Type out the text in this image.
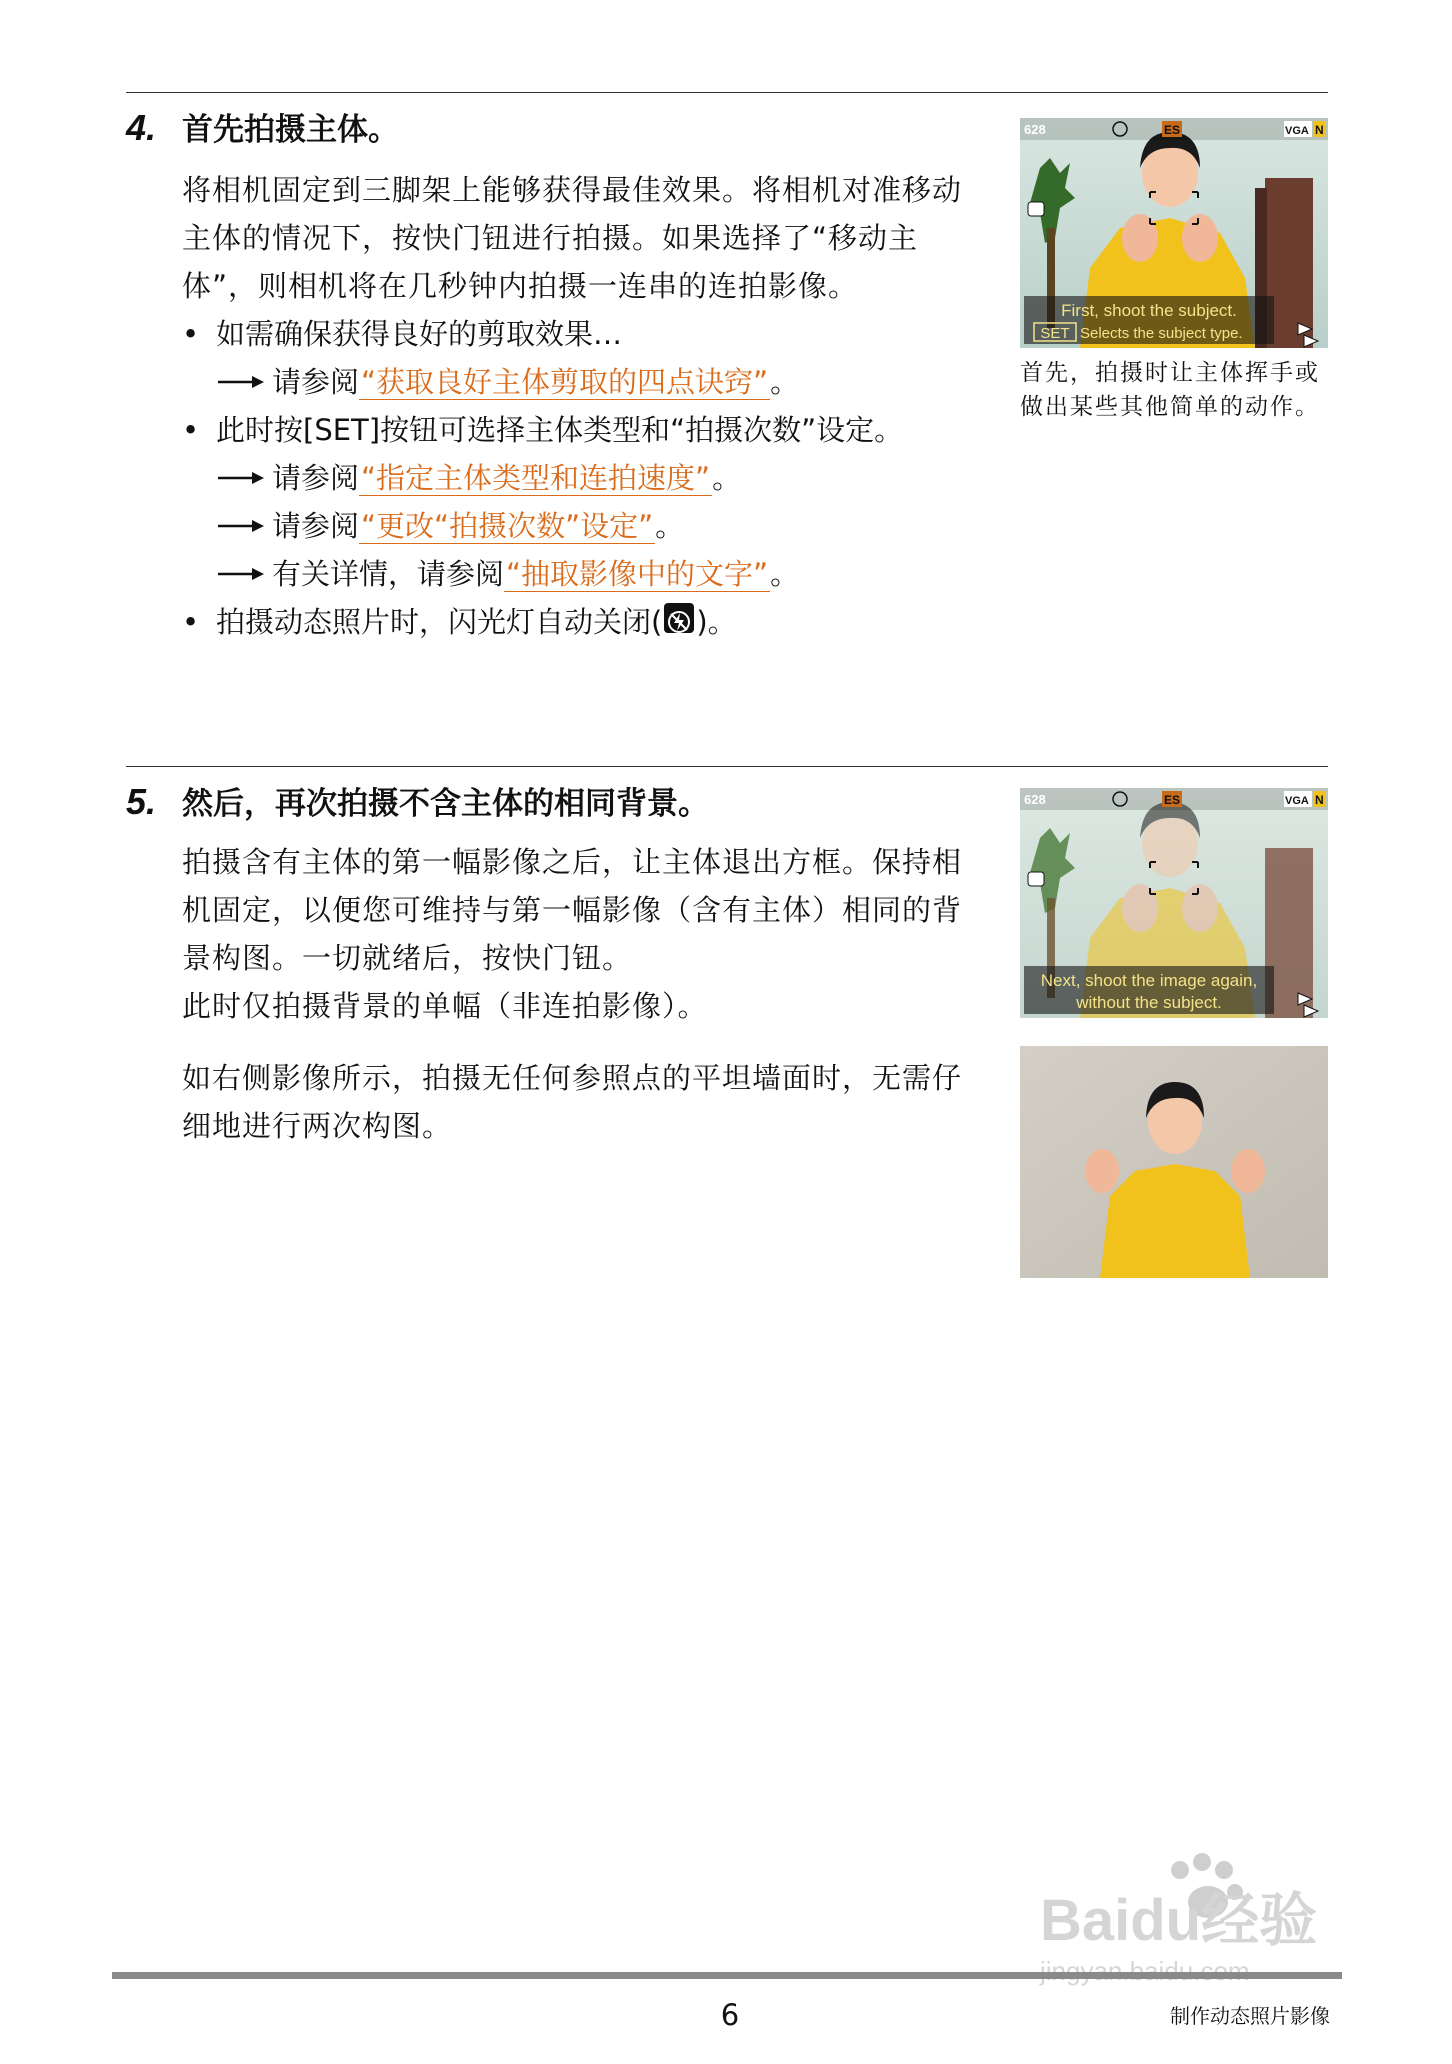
4. 首先拍摄主体。
将相机固定到三脚架上能够获得最佳效果。将相机对准移动主体的情况下，按快门钮进行拍摄。如果选择了“移动主体”，则相机将在几秒钟内拍摄一连串的连拍影像。
• 如需确保获得良好的剪取效果…
请参阅 “获取良好主体剪取的四点诀窍” 。
• 此时按[SET]按钮可选择主体类型和“拍摄次数”设定。
请参阅 “指定主体类型和连拍速度” 。
请参阅 “更改“拍摄次数”设定” 。
有关详情，请参阅 “抽取影像中的文字” 。
• 拍摄动态照片时，闪光灯自动关闭( )。
628	ES	VGA N
First, shoot the subject.
SET Selects the subject type.
首先，拍摄时让主体挥手或做出某些其他简单的动作。
5. 然后，再次拍摄不含主体的相同背景。
拍摄含有主体的第一幅影像之后，让主体退出方框。保持相机固定，以便您可维持与第一幅影像（含有主体）相同的背景构图。一切就绪后，按快门钮。
此时仅拍摄背景的单幅（非连拍影像）。
如右侧影像所示，拍摄无任何参照点的平坦墙面时，无需仔细地进行两次构图。
628	ES	VGA N
Next, shoot the image again,
without the subject.
6	制作动态照片影像
Baidu经验
jingyan.baidu.com
